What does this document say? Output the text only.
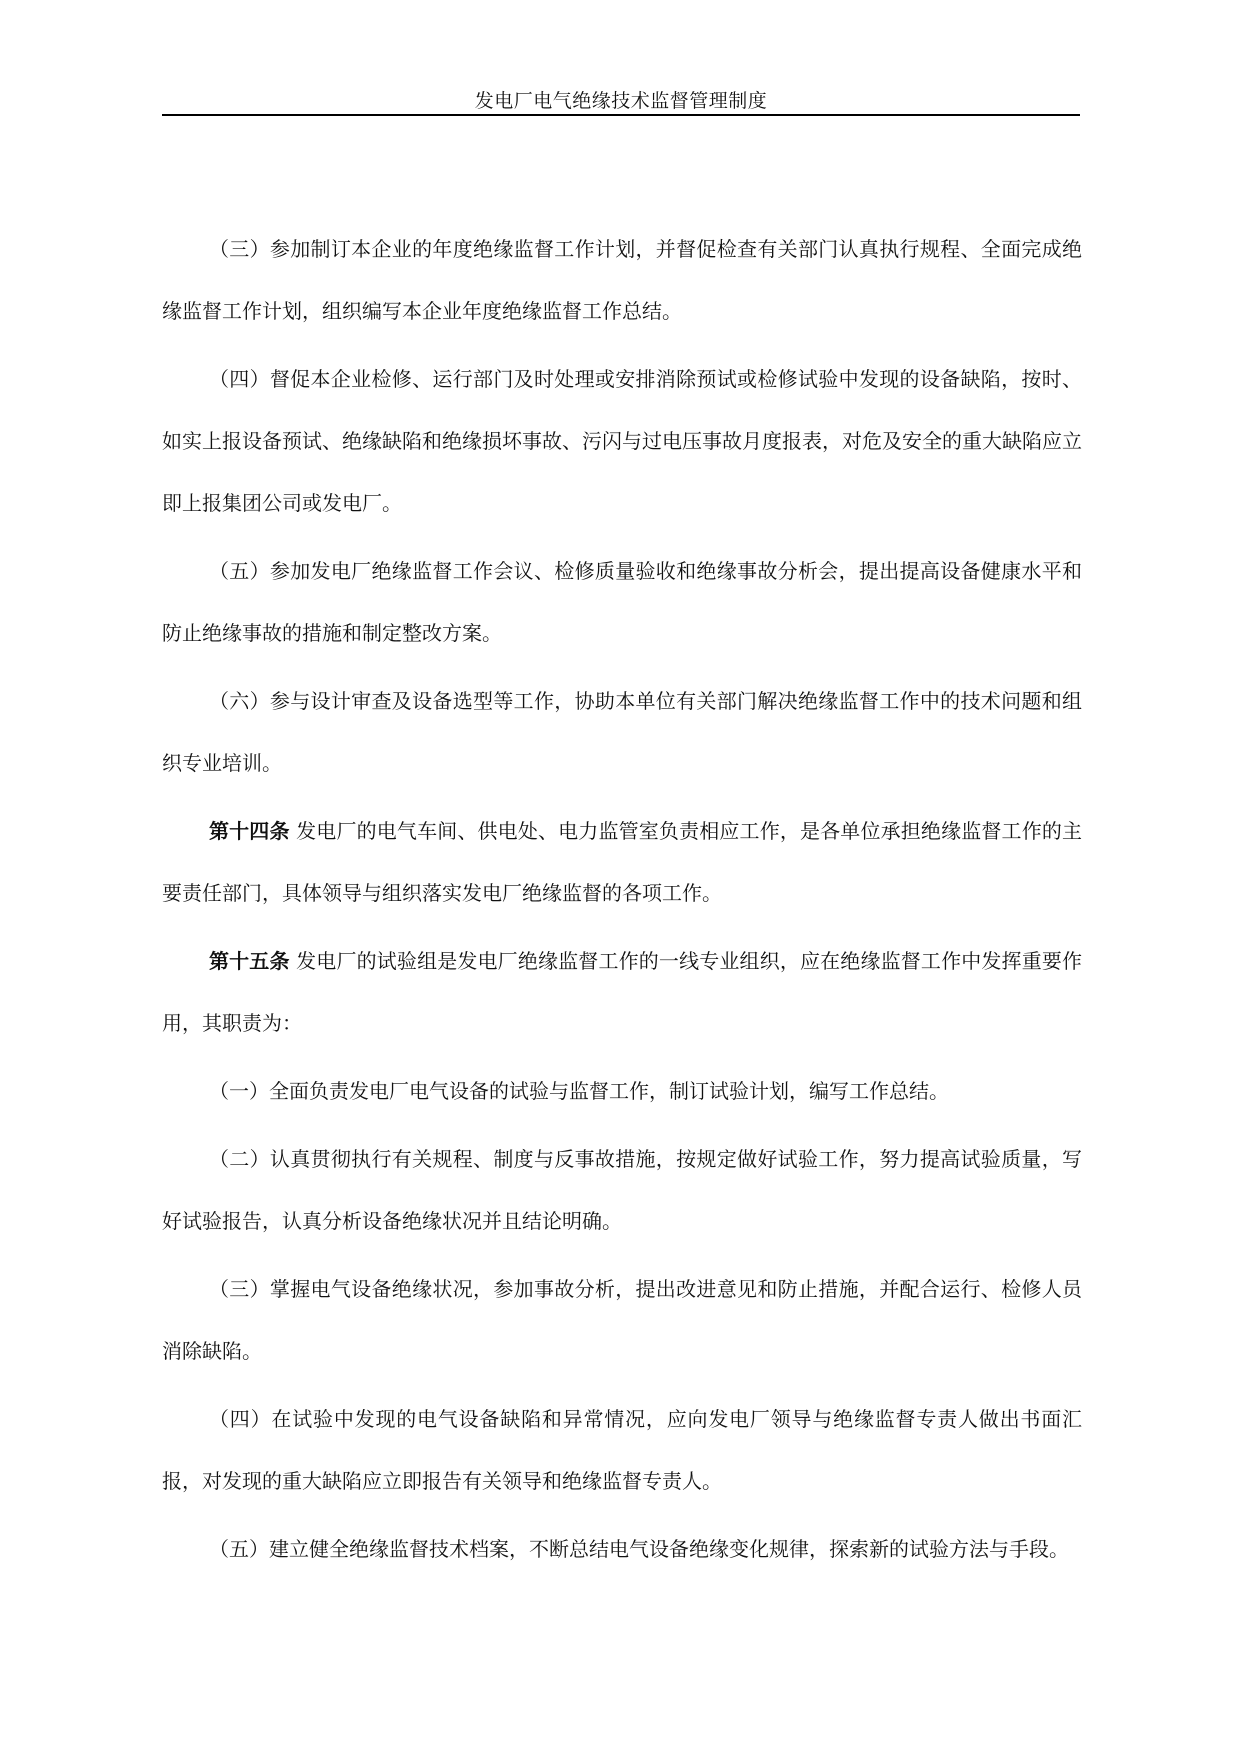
发电厂电气绝缘技术监督管理制度

（三）参加制订本企业的年度绝缘监督工作计划，并督促检查有关部门认真执行规程、全面完成绝缘监督工作计划，组织编写本企业年度绝缘监督工作总结。

（四）督促本企业检修、运行部门及时处理或安排消除预试或检修试验中发现的设备缺陷，按时、如实上报设备预试、绝缘缺陷和绝缘损坏事故、污闪与过电压事故月度报表，对危及安全的重大缺陷应立即上报集团公司或发电厂。

（五）参加发电厂绝缘监督工作会议、检修质量验收和绝缘事故分析会，提出提高设备健康水平和防止绝缘事故的措施和制定整改方案。

（六）参与设计审查及设备选型等工作，协助本单位有关部门解决绝缘监督工作中的技术问题和组织专业培训。

第十四条 发电厂的电气车间、供电处、电力监管室负责相应工作，是各单位承担绝缘监督工作的主要责任部门，具体领导与组织落实发电厂绝缘监督的各项工作。

第十五条 发电厂的试验组是发电厂绝缘监督工作的一线专业组织，应在绝缘监督工作中发挥重要作用，其职责为：

（一）全面负责发电厂电气设备的试验与监督工作，制订试验计划，编写工作总结。

（二）认真贯彻执行有关规程、制度与反事故措施，按规定做好试验工作，努力提高试验质量，写好试验报告，认真分析设备绝缘状况并且结论明确。

（三）掌握电气设备绝缘状况，参加事故分析，提出改进意见和防止措施，并配合运行、检修人员消除缺陷。

（四）在试验中发现的电气设备缺陷和异常情况，应向发电厂领导与绝缘监督专责人做出书面汇报，对发现的重大缺陷应立即报告有关领导和绝缘监督专责人。

（五）建立健全绝缘监督技术档案，不断总结电气设备绝缘变化规律，探索新的试验方法与手段。
